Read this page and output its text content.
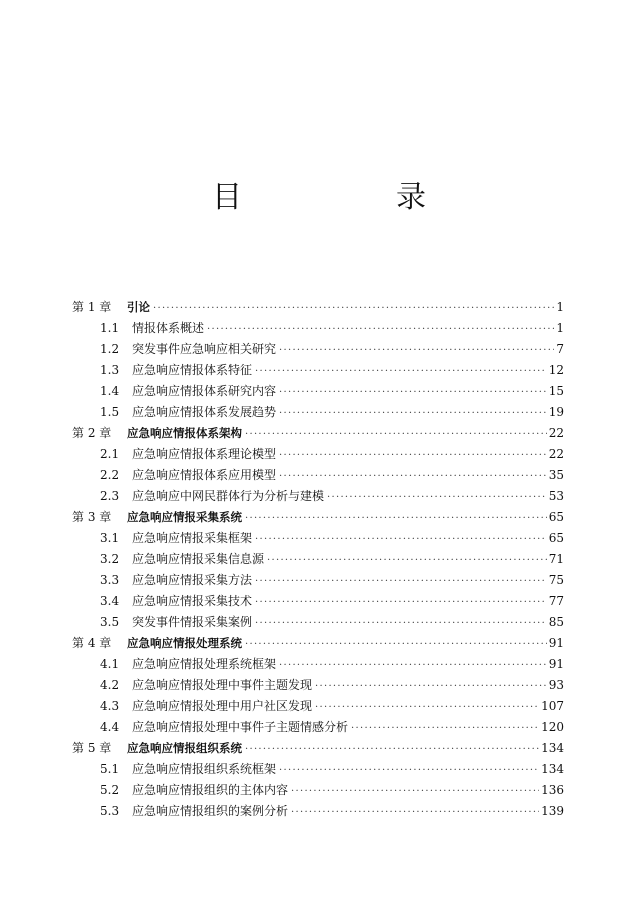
目　录
第 1 章	引论 ·····	1
1.1	情报体系概述 ·····	1
1.2	突发事件应急响应相关研究 ·····	7
1.3	应急响应情报体系特征 ·····	12
1.4	应急响应情报体系研究内容 ·····	15
1.5	应急响应情报体系发展趋势 ·····	19
第 2 章	应急响应情报体系架构 ·····	22
2.1	应急响应情报体系理论模型 ·····	22
2.2	应急响应情报体系应用模型 ·····	35
2.3	应急响应中网民群体行为分析与建模 ·····	53
第 3 章	应急响应情报采集系统 ·····	65
3.1	应急响应情报采集框架 ·····	65
3.2	应急响应情报采集信息源 ·····	71
3.3	应急响应情报采集方法 ·····	75
3.4	应急响应情报采集技术 ·····	77
3.5	突发事件情报采集案例 ·····	85
第 4 章	应急响应情报处理系统 ·····	91
4.1	应急响应情报处理系统框架 ·····	91
4.2	应急响应情报处理中事件主题发现 ·····	93
4.3	应急响应情报处理中用户社区发现 ·····	107
4.4	应急响应情报处理中事件子主题情感分析 ·····	120
第 5 章	应急响应情报组织系统 ·····	134
5.1	应急响应情报组织系统框架 ·····	134
5.2	应急响应情报组织的主体内容 ·····	136
5.3	应急响应情报组织的案例分析 ·····	139
